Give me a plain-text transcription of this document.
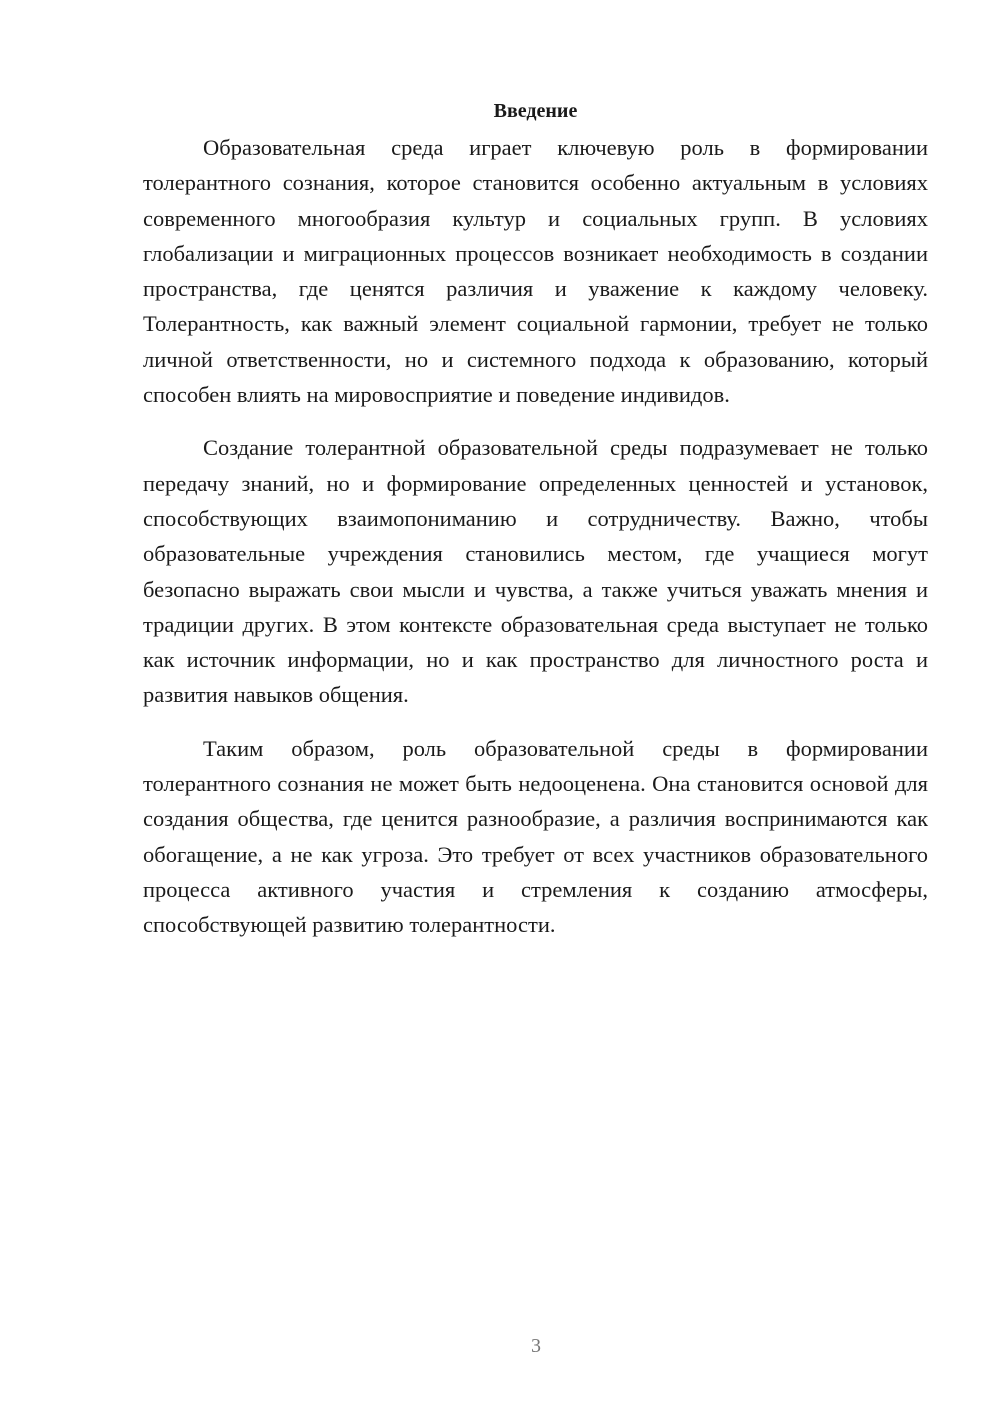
Введение

Образовательная среда играет ключевую роль в формировании толерантного сознания, которое становится особенно актуальным в условиях современного многообразия культур и социальных групп. В условиях глобализации и миграционных процессов возникает необходимость в создании пространства, где ценятся различия и уважение к каждому человеку. Толерантность, как важный элемент социальной гармонии, требует не только личной ответственности, но и системного подхода к образованию, который способен влиять на мировосприятие и поведение индивидов.

Создание толерантной образовательной среды подразумевает не только передачу знаний, но и формирование определенных ценностей и установок, способствующих взаимопониманию и сотрудничеству. Важно, чтобы образовательные учреждения становились местом, где учащиеся могут безопасно выражать свои мысли и чувства, а также учиться уважать мнения и традиции других. В этом контексте образовательная среда выступает не только как источник информации, но и как пространство для личностного роста и развития навыков общения.

Таким образом, роль образовательной среды в формировании толерантного сознания не может быть недооценена. Она становится основой для создания общества, где ценится разнообразие, а различия воспринимаются как обогащение, а не как угроза. Это требует от всех участников образовательного процесса активного участия и стремления к созданию атмосферы, способствующей развитию толерантности.

3
